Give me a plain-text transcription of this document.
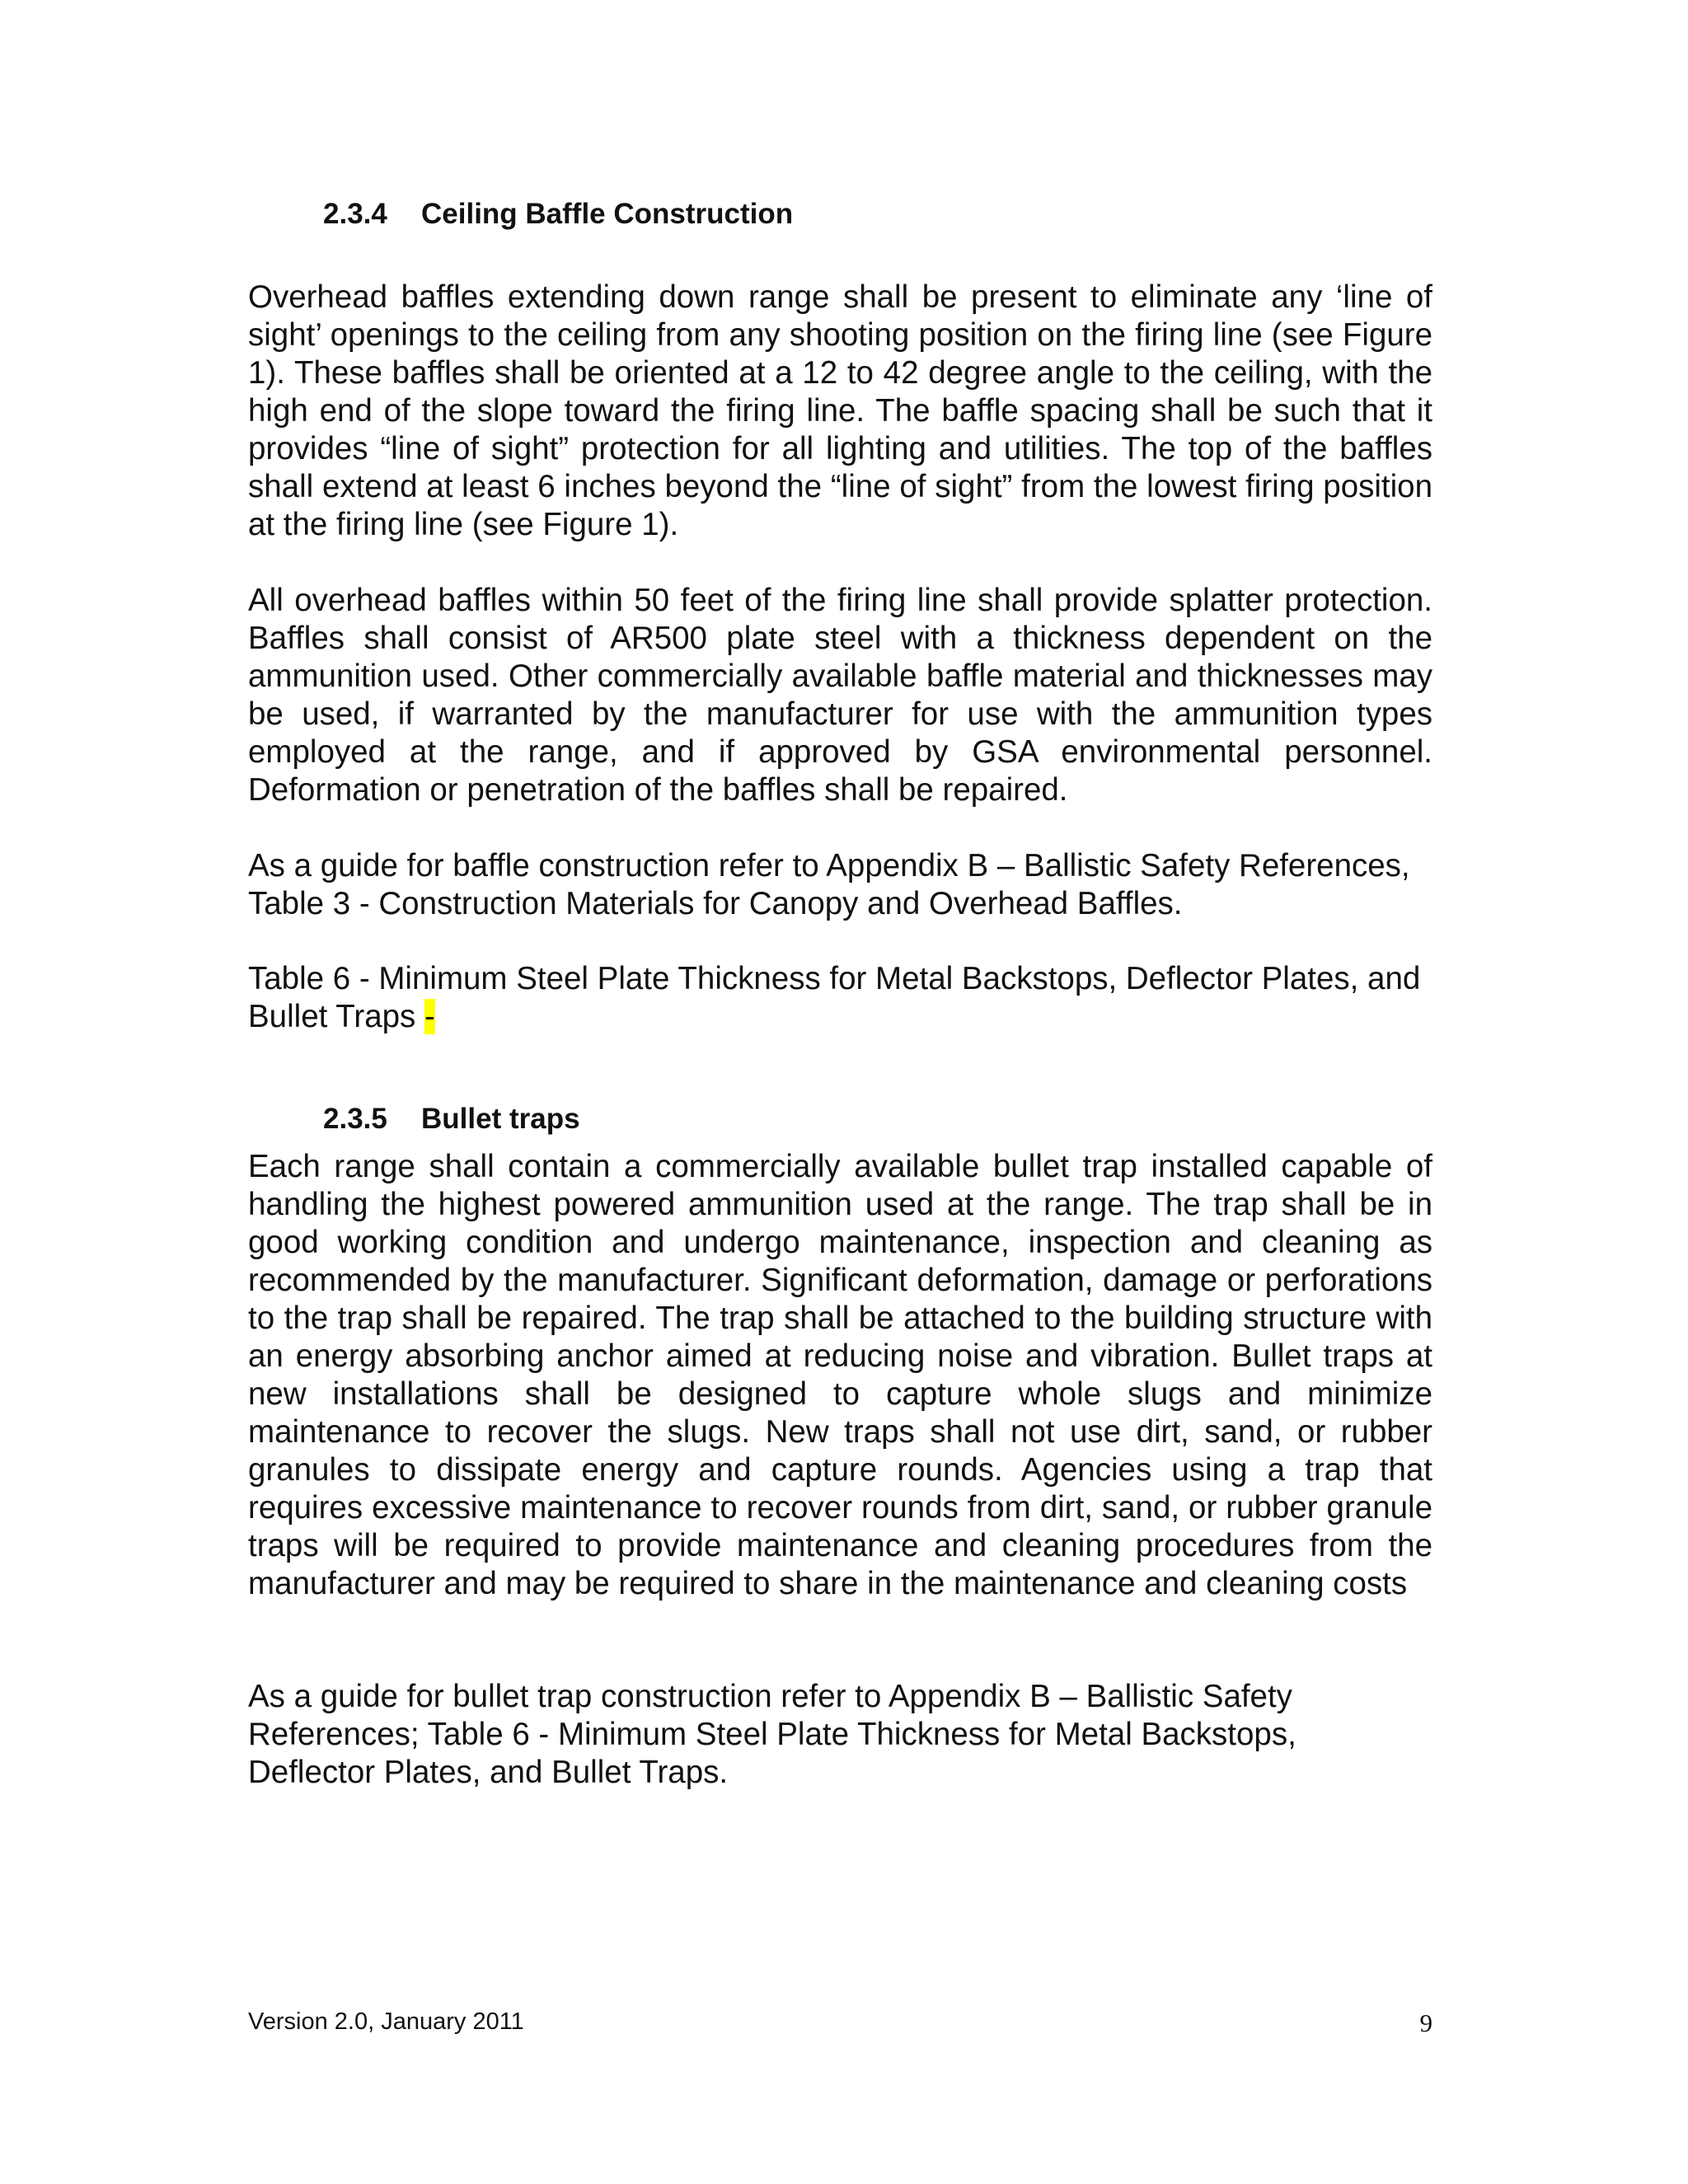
2.3.4 Ceiling Baffle Construction

Overhead baffles extending down range shall be present to eliminate any ‘line of sight’ openings to the ceiling from any shooting position on the firing line (see Figure 1). These baffles shall be oriented at a 12 to 42 degree angle to the ceiling, with the high end of the slope toward the firing line. The baffle spacing shall be such that it provides “line of sight” protection for all lighting and utilities. The top of the baffles shall extend at least 6 inches beyond the “line of sight” from the lowest firing position at the firing line (see Figure 1).

All overhead baffles within 50 feet of the firing line shall provide splatter protection. Baffles shall consist of AR500 plate steel with a thickness dependent on the ammunition used. Other commercially available baffle material and thicknesses may be used, if warranted by the manufacturer for use with the ammunition types employed at the range, and if approved by GSA environmental personnel. Deformation or penetration of the baffles shall be repaired.

As a guide for baffle construction refer to Appendix B – Ballistic Safety References, Table 3 - Construction Materials for Canopy and Overhead Baffles.

Table 6 - Minimum Steel Plate Thickness for Metal Backstops, Deflector Plates, and Bullet Traps -

2.3.5 Bullet traps

Each range shall contain a commercially available bullet trap installed capable of handling the highest powered ammunition used at the range. The trap shall be in good working condition and undergo maintenance, inspection and cleaning as recommended by the manufacturer. Significant deformation, damage or perforations to the trap shall be repaired. The trap shall be attached to the building structure with an energy absorbing anchor aimed at reducing noise and vibration. Bullet traps at new installations shall be designed to capture whole slugs and minimize maintenance to recover the slugs. New traps shall not use dirt, sand, or rubber granules to dissipate energy and capture rounds. Agencies using a trap that requires excessive maintenance to recover rounds from dirt, sand, or rubber granule traps will be required to provide maintenance and cleaning procedures from the manufacturer and may be required to share in the maintenance and cleaning costs

As a guide for bullet trap construction refer to Appendix B – Ballistic Safety References; Table 6 - Minimum Steel Plate Thickness for Metal Backstops, Deflector Plates, and Bullet Traps.

Version 2.0, January 2011	9
